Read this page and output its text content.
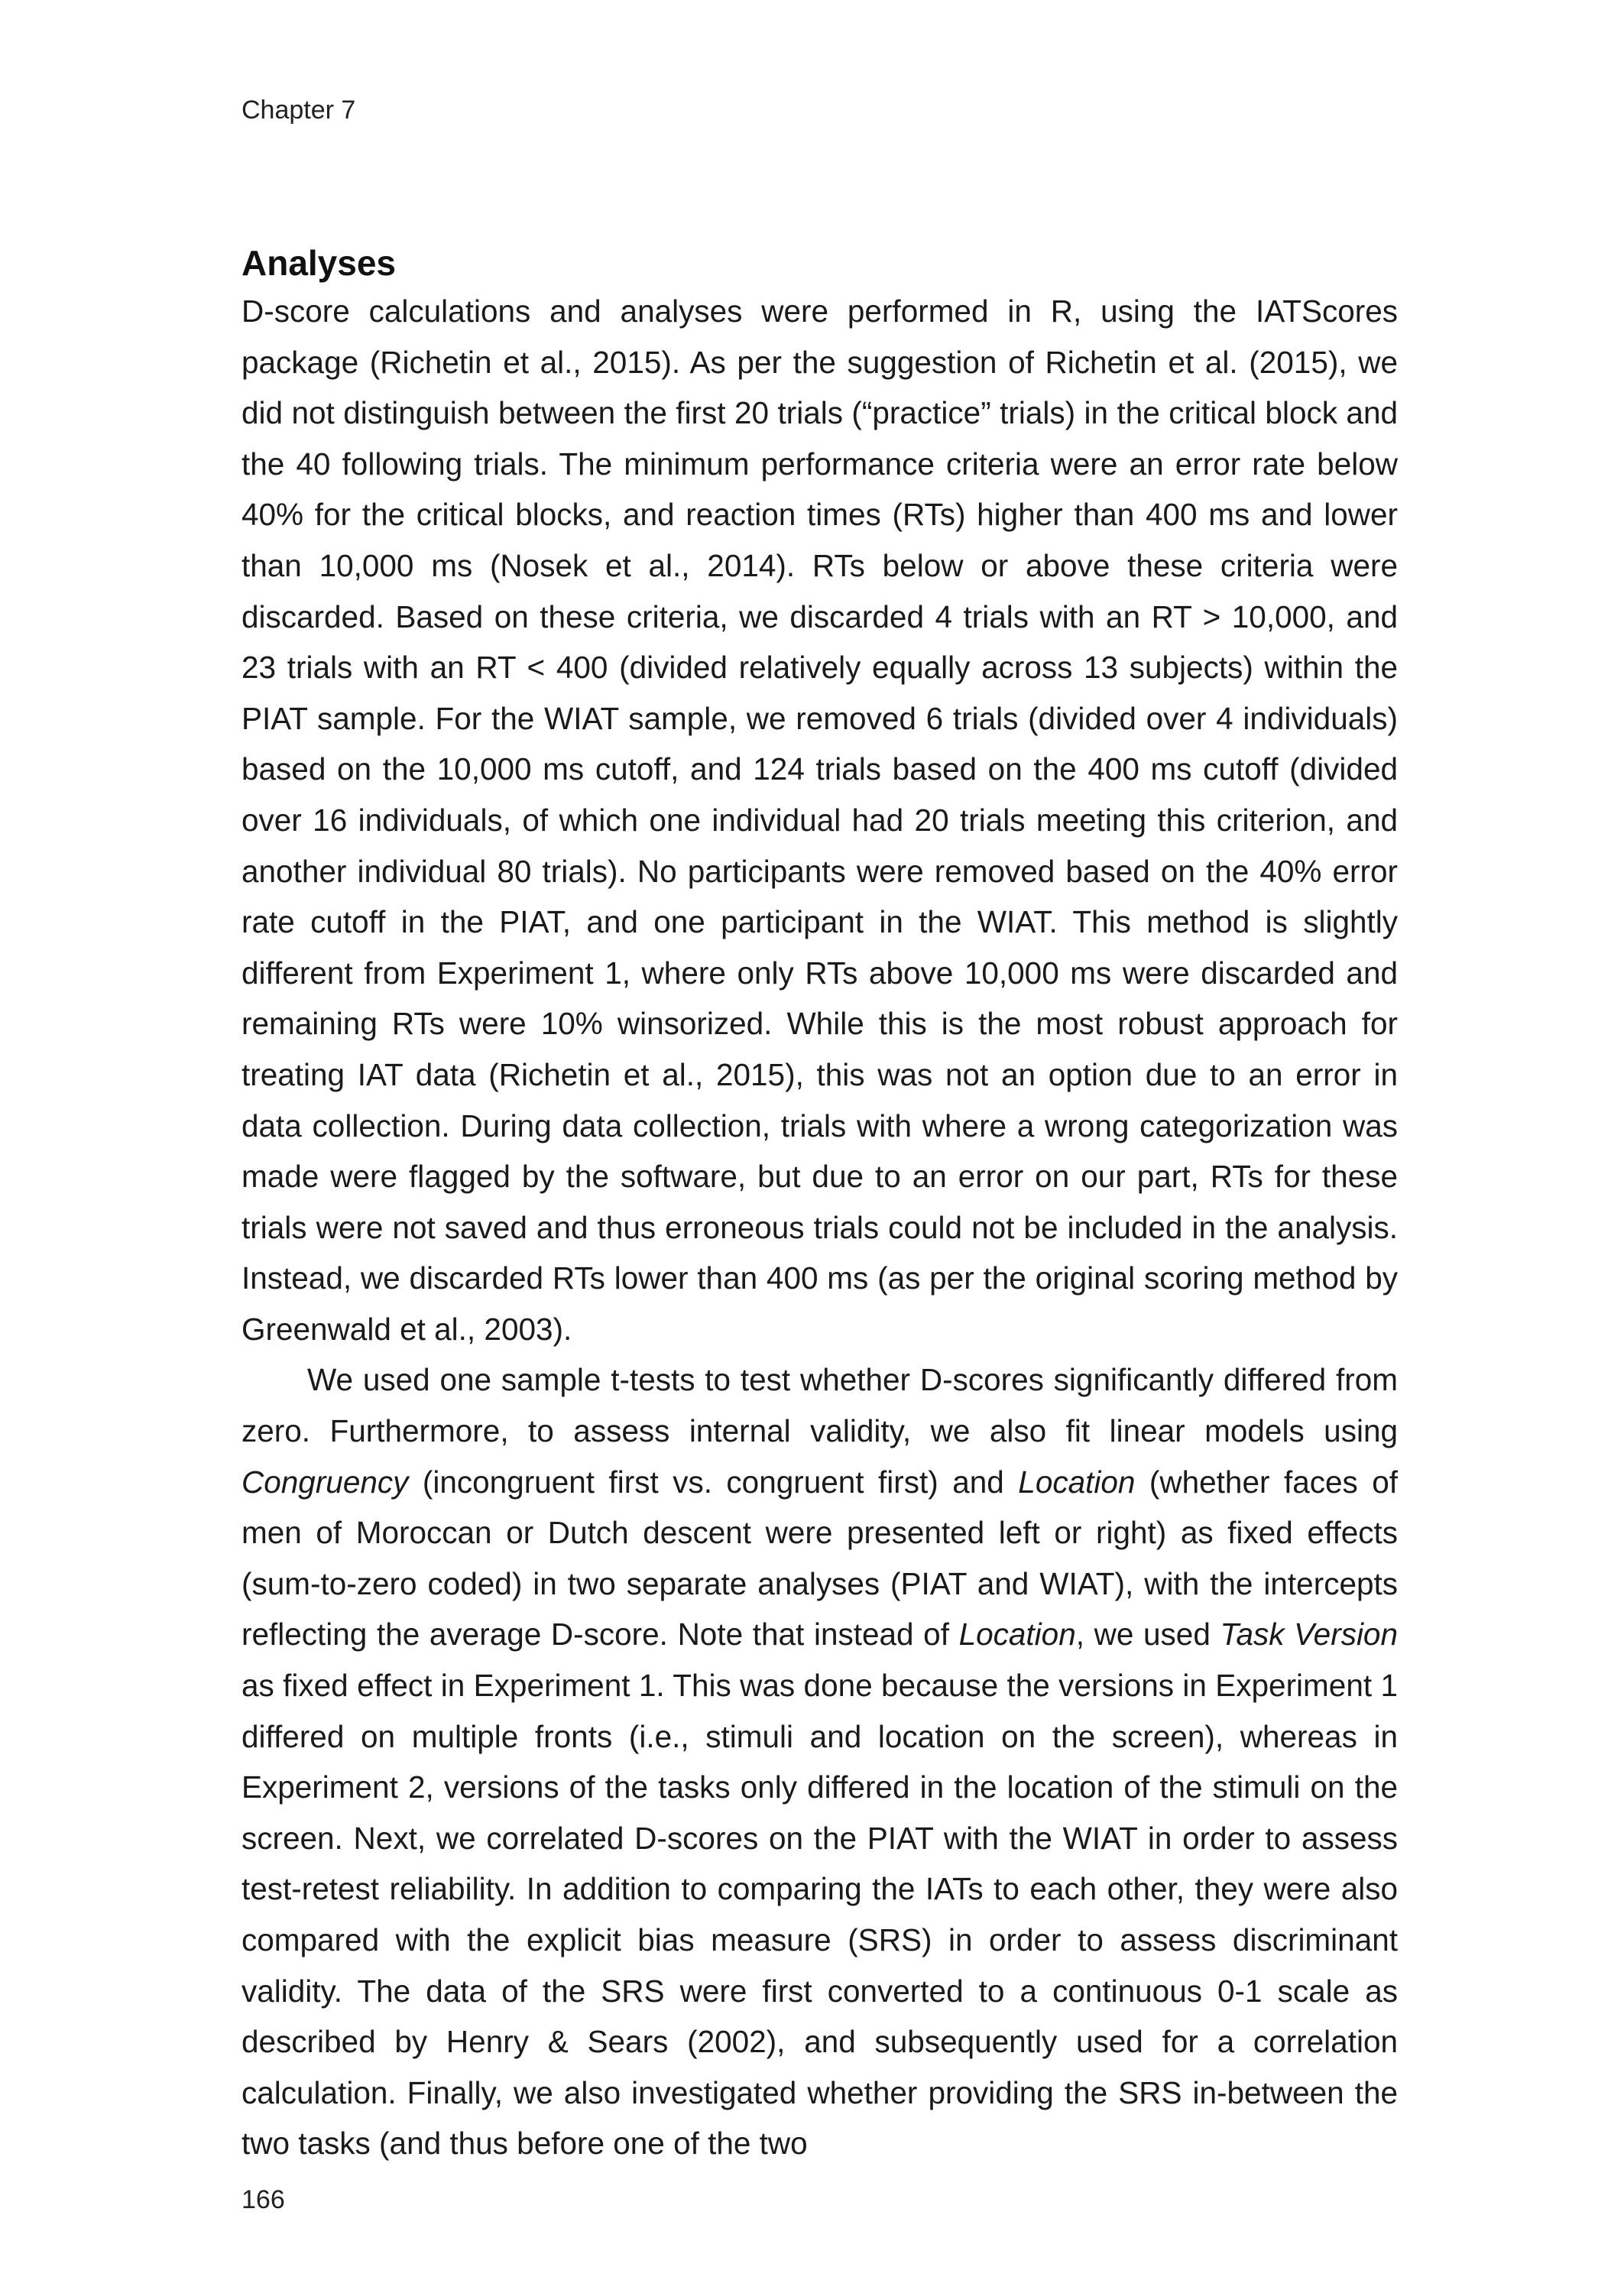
Chapter 7
Analyses

D-score calculations and analyses were performed in R, using the IATScores package (Richetin et al., 2015). As per the suggestion of Richetin et al. (2015), we did not distinguish between the first 20 trials (“practice” trials) in the critical block and the 40 following trials. The minimum performance criteria were an error rate below 40% for the critical blocks, and reaction times (RTs) higher than 400 ms and lower than 10,000 ms (Nosek et al., 2014). RTs below or above these criteria were discarded. Based on these criteria, we discarded 4 trials with an RT > 10,000, and 23 trials with an RT < 400 (divided relatively equally across 13 subjects) within the PIAT sample. For the WIAT sample, we removed 6 trials (divided over 4 individuals) based on the 10,000 ms cutoff, and 124 trials based on the 400 ms cutoff (divided over 16 individuals, of which one individual had 20 trials meeting this criterion, and another individual 80 trials). No participants were removed based on the 40% error rate cutoff in the PIAT, and one participant in the WIAT. This method is slightly different from Experiment 1, where only RTs above 10,000 ms were discarded and remaining RTs were 10% winsorized. While this is the most robust approach for treating IAT data (Richetin et al., 2015), this was not an option due to an error in data collection. During data collection, trials with where a wrong categorization was made were flagged by the software, but due to an error on our part, RTs for these trials were not saved and thus erroneous trials could not be included in the analysis. Instead, we discarded RTs lower than 400 ms (as per the original scoring method by Greenwald et al., 2003).

We used one sample t-tests to test whether D-scores significantly differed from zero. Furthermore, to assess internal validity, we also fit linear models using Congruency (incongruent first vs. congruent first) and Location (whether faces of men of Moroccan or Dutch descent were presented left or right) as fixed effects (sum-to-zero coded) in two separate analyses (PIAT and WIAT), with the intercepts reflecting the average D-score. Note that instead of Location, we used Task Version as fixed effect in Experiment 1. This was done because the versions in Experiment 1 differed on multiple fronts (i.e., stimuli and location on the screen), whereas in Experiment 2, versions of the tasks only differed in the location of the stimuli on the screen. Next, we correlated D-scores on the PIAT with the WIAT in order to assess test-retest reliability. In addition to comparing the IATs to each other, they were also compared with the explicit bias measure (SRS) in order to assess discriminant validity. The data of the SRS were first converted to a continuous 0-1 scale as described by Henry & Sears (2002), and subsequently used for a correlation calculation. Finally, we also investigated whether providing the SRS in-between the two tasks (and thus before one of the two

166
